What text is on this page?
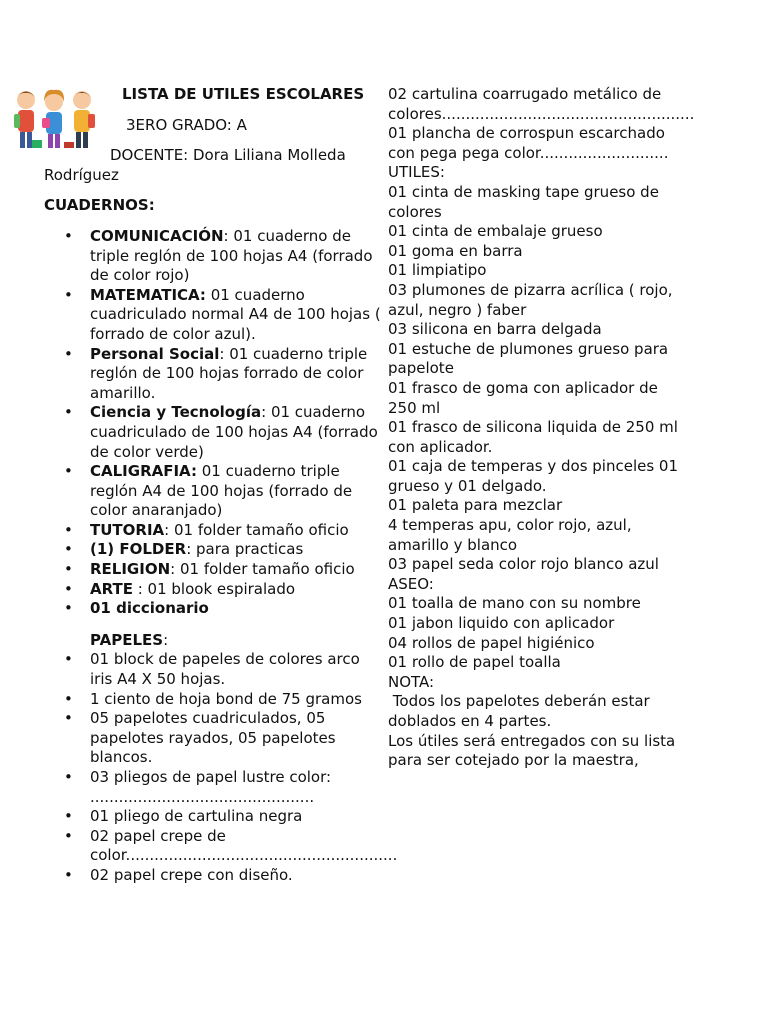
LISTA DE UTILES ESCOLARES
3ERO GRADO: A
DOCENTE: Dora Liliana Molleda Rodríguez
CUADERNOS:
• COMUNICACIÓN: 01 cuaderno de triple reglón de 100 hojas A4 (forrado de color rojo)
• MATEMATICA: 01 cuaderno cuadriculado normal A4 de 100 hojas ( forrado de color azul).
• Personal Social: 01 cuaderno triple reglón de 100 hojas forrado de color amarillo.
• Ciencia y Tecnología: 01 cuaderno cuadriculado de 100 hojas A4 (forrado de color verde)
• CALIGRAFIA: 01 cuaderno triple reglón A4 de 100 hojas (forrado de color anaranjado)
• TUTORIA: 01 folder tamaño oficio
• (1) FOLDER: para practicas
• RELIGION: 01 folder tamaño oficio
• ARTE : 01 blook espiralado
• 01 diccionario
PAPELES:
• 01 block de papeles de colores arco iris A4 X 50 hojas.
• 1 ciento de hoja bond de 75 gramos
• 05 papelotes cuadriculados, 05 papelotes rayados, 05 papelotes blancos.
• 03 pliegos de papel lustre color: ...............................................
• 01 pliego de cartulina negra
• 02 papel crepe de color.........................................................
• 02 papel crepe con diseño.
02 cartulina coarrugado metálico de colores.....................................................
01 plancha de corrospun escarchado con pega pega color...........................
UTILES:
01 cinta de masking tape grueso de colores
01 cinta de embalaje grueso
01 goma en barra
01 limpiatipo
03 plumones de pizarra acrílica ( rojo, azul, negro ) faber
03 silicona en barra delgada
01 estuche de plumones grueso para papelote
01 frasco de goma con aplicador de 250 ml
01 frasco de silicona liquida de 250 ml con aplicador.
01 caja de temperas y dos pinceles 01 grueso y 01 delgado.
01 paleta para mezclar
4 temperas apu, color rojo, azul, amarillo y blanco
03 papel seda color rojo blanco azul
ASEO:
01 toalla de mano con su nombre
01 jabon liquido con aplicador
04 rollos de papel higiénico
01 rollo de papel toalla
NOTA:
Todos los papelotes deberán estar doblados en 4 partes.
Los útiles será entregados con su lista para ser cotejado por la maestra,
